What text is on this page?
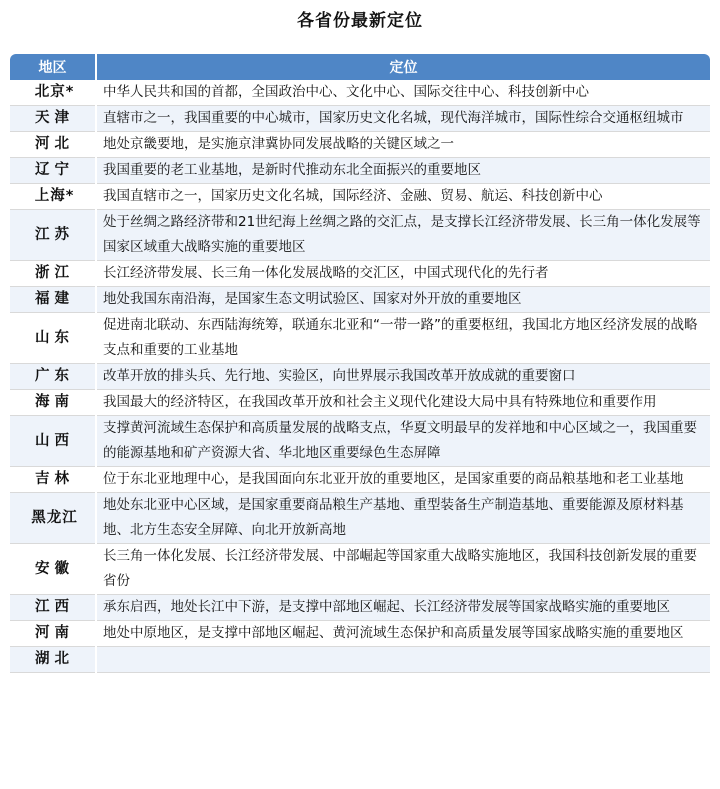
各省份最新定位
地区	定位
北京*	中华人民共和国的首都，全国政治中心、文化中心、国际交往中心、科技创新中心
天津	直辖市之一，我国重要的中心城市，国家历史文化名城，现代海洋城市，国际性综合交通枢纽城市
河北	地处京畿要地，是实施京津冀协同发展战略的关键区域之一
辽宁	我国重要的老工业基地，是新时代推动东北全面振兴的重要地区
上海*	我国直辖市之一，国家历史文化名城，国际经济、金融、贸易、航运、科技创新中心
江苏	处于丝绸之路经济带和21世纪海上丝绸之路的交汇点，是支撑长江经济带发展、长三角一体化发展等国家区域重大战略实施的重要地区
浙江	长江经济带发展、长三角一体化发展战略的交汇区，中国式现代化的先行者
福建	地处我国东南沿海，是国家生态文明试验区、国家对外开放的重要地区
山东	促进南北联动、东西陆海统筹，联通东北亚和“一带一路”的重要枢纽，我国北方地区经济发展的战略支点和重要的工业基地
广东	改革开放的排头兵、先行地、实验区，向世界展示我国改革开放成就的重要窗口
海南	我国最大的经济特区，在我国改革开放和社会主义现代化建设大局中具有特殊地位和重要作用
山西	支撑黄河流域生态保护和高质量发展的战略支点，华夏文明最早的发祥地和中心区域之一，我国重要的能源基地和矿产资源大省、华北地区重要绿色生态屏障
吉林	位于东北亚地理中心，是我国面向东北亚开放的重要地区，是国家重要的商品粮基地和老工业基地
黑龙江	地处东北亚中心区域，是国家重要商品粮生产基地、重型装备生产制造基地、重要能源及原材料基地、北方生态安全屏障、向北开放新高地
安徽	长三角一体化发展、长江经济带发展、中部崛起等国家重大战略实施地区，我国科技创新发展的重要省份
江西	承东启西，地处长江中下游，是支撑中部地区崛起、长江经济带发展等国家战略实施的重要地区
河南	地处中原地区，是支撑中部地区崛起、黄河流域生态保护和高质量发展等国家战略实施的重要地区
湖北	
